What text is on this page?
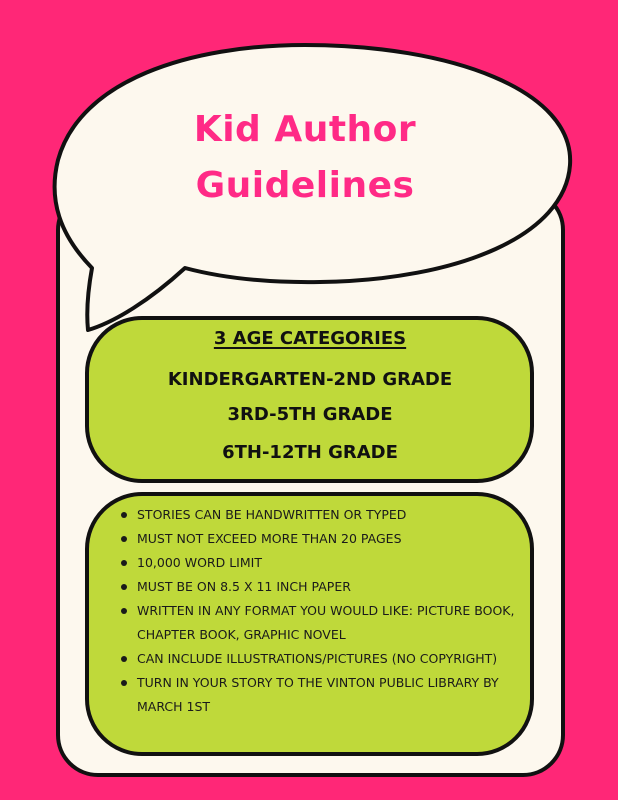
Kid Author
Guidelines
3 AGE CATEGORIES
KINDERGARTEN-2ND GRADE
3RD-5TH GRADE
6TH-12TH GRADE
STORIES CAN BE HANDWRITTEN OR TYPED
MUST NOT EXCEED MORE THAN 20 PAGES
10,000 WORD LIMIT
MUST BE ON 8.5 X 11 INCH PAPER
WRITTEN IN ANY FORMAT YOU WOULD LIKE: PICTURE BOOK, CHAPTER BOOK, GRAPHIC NOVEL
CAN INCLUDE ILLUSTRATIONS/PICTURES (NO COPYRIGHT)
TURN IN YOUR STORY TO THE VINTON PUBLIC LIBRARY BY MARCH 1ST
